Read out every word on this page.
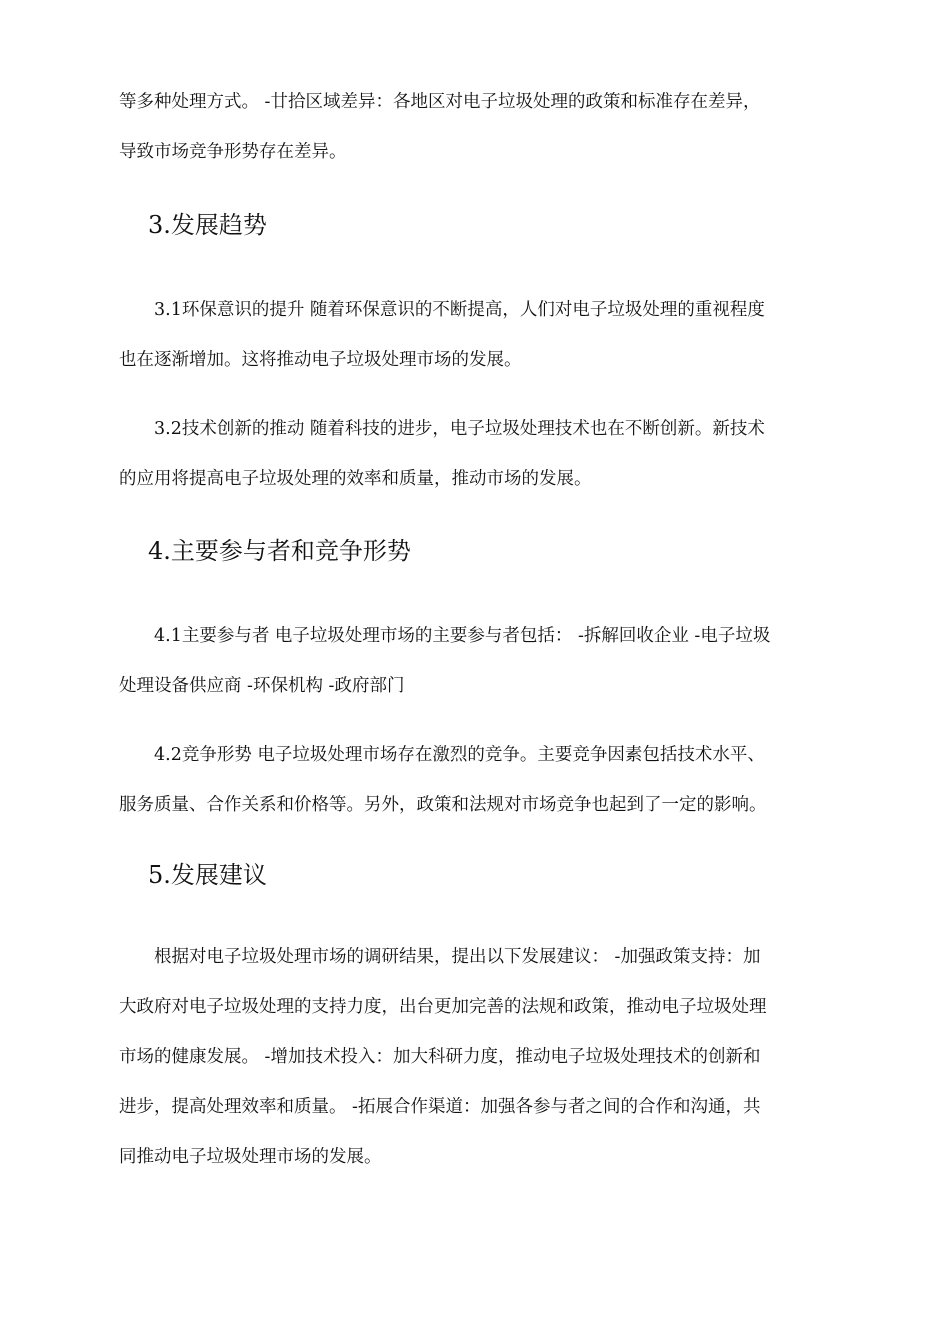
等多种处理方式。 -廿拾区域差异：各地区对电子垃圾处理的政策和标准存在差异，
导致市场竞争形势存在差异。

3.发展趋势

　　3.1环保意识的提升 随着环保意识的不断提高，人们对电子垃圾处理的重视程度
也在逐渐增加。这将推动电子垃圾处理市场的发展。

　　3.2技术创新的推动 随着科技的进步，电子垃圾处理技术也在不断创新。新技术
的应用将提高电子垃圾处理的效率和质量，推动市场的发展。

4.主要参与者和竞争形势

　　4.1主要参与者 电子垃圾处理市场的主要参与者包括： -拆解回收企业 -电子垃圾
处理设备供应商 -环保机构 -政府部门

　　4.2竞争形势 电子垃圾处理市场存在激烈的竞争。主要竞争因素包括技术水平、
服务质量、合作关系和价格等。另外，政策和法规对市场竞争也起到了一定的影响。

5.发展建议

　　根据对电子垃圾处理市场的调研结果，提出以下发展建议： -加强政策支持：加
大政府对电子垃圾处理的支持力度，出台更加完善的法规和政策，推动电子垃圾处理
市场的健康发展。 -增加技术投入：加大科研力度，推动电子垃圾处理技术的创新和
进步，提高处理效率和质量。 -拓展合作渠道：加强各参与者之间的合作和沟通，共
同推动电子垃圾处理市场的发展。
